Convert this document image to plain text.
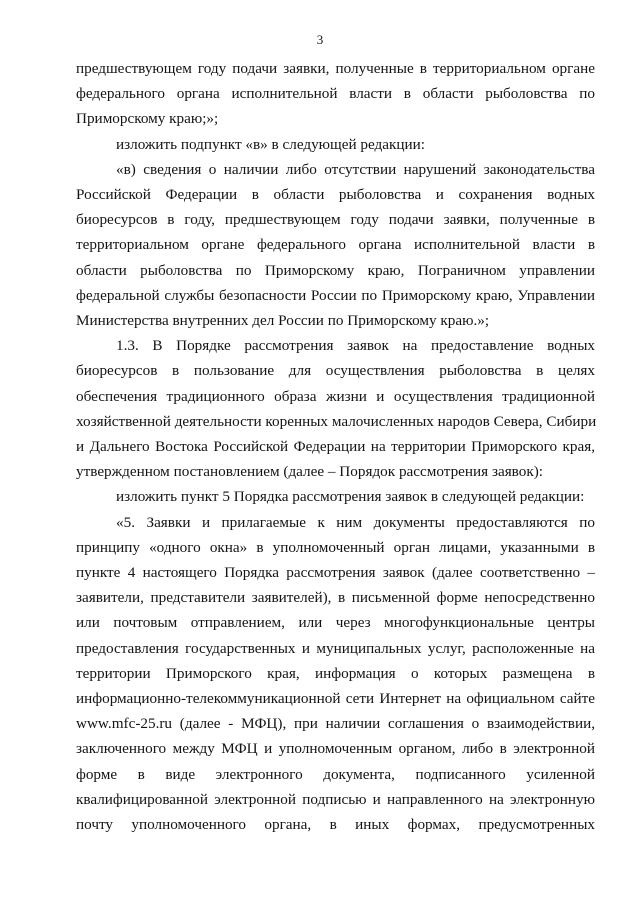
3
предшествующем году подачи заявки, полученные в территориальном органе
федерального органа исполнительной власти в области рыболовства по
Приморскому краю;»;
изложить подпункт «в» в следующей редакции:
«в) сведения о наличии либо отсутствии нарушений законодательства
Российской Федерации в области рыболовства и сохранения водных
биоресурсов в году, предшествующем году подачи заявки, полученные в
территориальном органе федерального органа исполнительной власти в
области рыболовства по Приморскому краю, Пограничном управлении
федеральной службы безопасности России по Приморскому краю, Управлении
Министерства внутренних дел России по Приморскому краю.»;
1.3. В Порядке рассмотрения заявок на предоставление водных
биоресурсов в пользование для осуществления рыболовства в целях
обеспечения традиционного образа жизни и осуществления традиционной
хозяйственной деятельности коренных малочисленных народов Севера, Сибири
и Дальнего Востока Российской Федерации на территории Приморского края,
утвержденном постановлением (далее – Порядок рассмотрения заявок):
изложить пункт 5 Порядка рассмотрения заявок в следующей редакции:
«5. Заявки и прилагаемые к ним документы предоставляются по
принципу «одного окна» в уполномоченный орган лицами, указанными в
пункте 4 настоящего Порядка рассмотрения заявок (далее соответственно –
заявители, представители заявителей), в письменной форме непосредственно
или почтовым отправлением, или через многофункциональные центры
предоставления государственных и муниципальных услуг, расположенные на
территории Приморского края, информация о которых размещена в
информационно-телекоммуникационной сети Интернет на официальном сайте
www.mfc-25.ru (далее - МФЦ), при наличии соглашения о взаимодействии,
заключенного между МФЦ и уполномоченным органом, либо в электронной
форме в виде электронного документа, подписанного усиленной
квалифицированной электронной подписью и направленного на электронную
почту уполномоченного органа, в иных формах, предусмотренных
